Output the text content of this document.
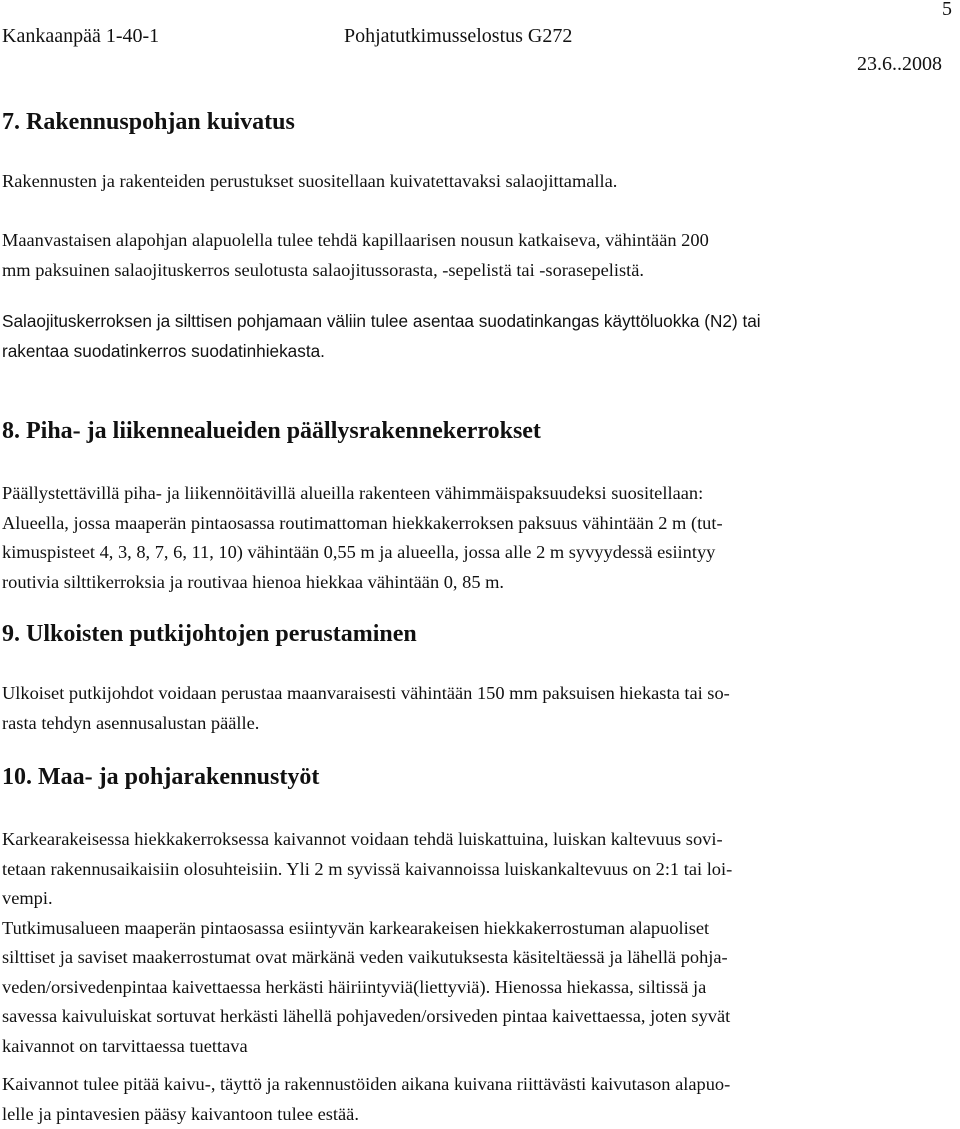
Kankaanpää 1-40-1	Pohjatutkimusselostus G272
5
23.6..2008
7. Rakennuspohjan kuivatus
Rakennusten ja rakenteiden perustukset suositellaan kuivatettavaksi salaojittamalla.
Maanvastaisen alapohjan alapuolella tulee tehdä kapillaarisen nousun katkaiseva, vähintään 200
mm paksuinen salaojituskerros seulotusta salaojitussorasta, -sepelistä tai -sorasepelistä.
Salaojituskerroksen ja silttisen pohjamaan väliin tulee asentaa suodatinkangas käyttöluokka (N2) tai
rakentaa suodatinkerros suodatinhiekasta.
8. Piha- ja liikennealueiden päällysrakennekerrokset
Päällystettävillä piha- ja liikennöitävillä alueilla rakenteen vähimmäispaksuudeksi suositellaan:
Alueella, jossa maaperän pintaosassa routimattoman hiekkakerroksen paksuus vähintään 2 m (tut-
kimuspisteet 4, 3, 8, 7, 6, 11, 10) vähintään 0,55 m ja alueella, jossa alle 2 m syvyydessä esiintyy
routivia silttikerroksia ja routivaa hienoa hiekkaa vähintään 0, 85 m.
9. Ulkoisten putkijohtojen perustaminen
Ulkoiset putkijohdot voidaan perustaa maanvaraisesti vähintään 150 mm paksuisen hiekasta tai so-
rasta tehdyn asennusalustan päälle.
10. Maa- ja pohjarakennustyöt
Karkearakeisessa hiekkakerroksessa kaivannot voidaan tehdä luiskattuina, luiskan kaltevuus sovi-
tetaan rakennusaikaisiin olosuhteisiin. Yli 2 m syvissä kaivannoissa luiskankaltevuus on 2:1 tai loi-
vempi.
Tutkimusalueen maaperän pintaosassa esiintyvän karkearakeisen hiekkakerrostuman alapuoliset
silttiset ja saviset maakerrostumat ovat märkänä veden vaikutuksesta käsiteltäessä ja lähellä pohja-
veden/orsivedenpintaa kaivettaessa herkästi häiriintyviä(liettyviä). Hienossa hiekassa, siltissä ja
savessa kaivuluiskat sortuvat herkästi lähellä pohjaveden/orsiveden pintaa kaivettaessa, joten syvät
kaivannot on tarvittaessa tuettava
Kaivannot tulee pitää kaivu-, täyttö ja rakennustöiden aikana kuivana riittävästi kaivutason alapuo-
lelle ja pintavesien pääsy kaivantoon tulee estää.
